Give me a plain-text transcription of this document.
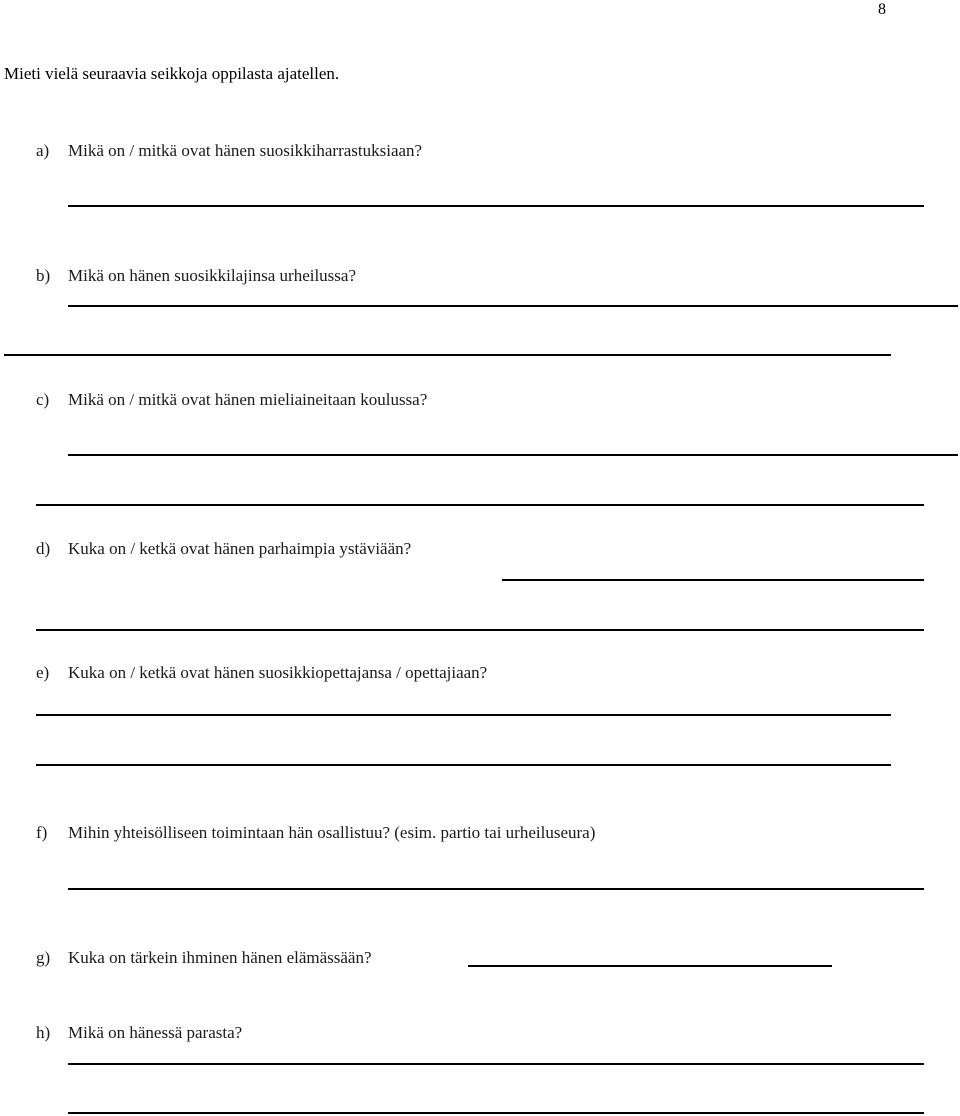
8
Mieti vielä seuraavia seikkoja oppilasta ajatellen.
a) Mikä on / mitkä ovat hänen suosikkiharrastuksiaan?
b) Mikä on hänen suosikkilajinsa urheilussa?
c) Mikä on / mitkä ovat hänen mieliaineitaan koulussa?
d) Kuka on / ketkä ovat hänen parhaimpia ystäviään?
e) Kuka on / ketkä ovat hänen suosikkiopettajansa / opettajiaan?
f) Mihin yhteisölliseen toimintaan hän osallistuu? (esim. partio tai urheiluseura)
g) Kuka on tärkein ihminen hänen elämässään?
h) Mikä on hänessä parasta?
